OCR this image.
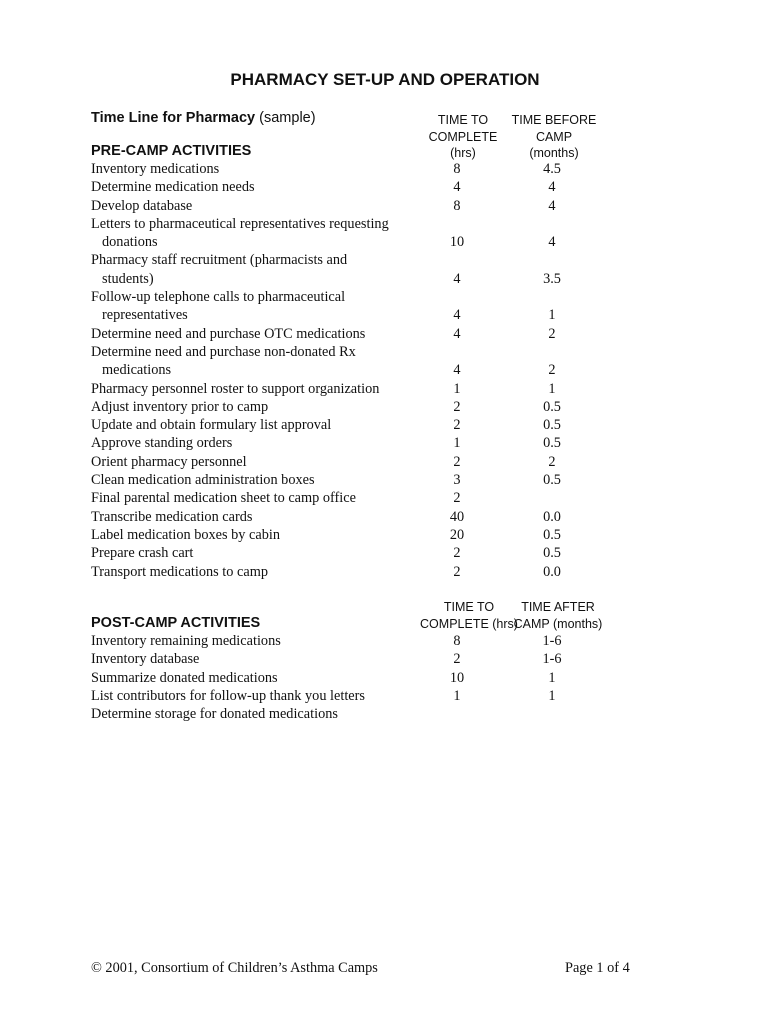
PHARMACY SET-UP AND OPERATION
Time Line for Pharmacy (sample)	TIME TO
COMPLETE
(hrs)
TIME BEFORE
CAMP
(months)
PRE-CAMP ACTIVITIES
Inventory medications	8	4.5
Determine medication needs	4	4
Develop database	8	4
Letters to pharmaceutical representatives requesting
donations	10	4
Pharmacy staff recruitment (pharmacists and
students)	4	3.5
Follow-up telephone calls to pharmaceutical
representatives	4	1
Determine need and purchase OTC medications	4	2
Determine need and purchase non-donated Rx
medications	4	2
Pharmacy personnel roster to support organization	1	1
Adjust inventory prior to camp	2	0.5
Update and obtain formulary list approval	2	0.5
Approve standing orders	1	0.5
Orient pharmacy personnel	2	2
Clean medication administration boxes	3	0.5
Final parental medication sheet to camp office	2
Transcribe medication cards	40	0.0
Label medication boxes by cabin	20	0.5
Prepare crash cart	2	0.5
Transport medications to camp	2	0.0
TIME TO
COMPLETE (hrs)
TIME AFTER
CAMP (months)
POST-CAMP ACTIVITIES
Inventory remaining medications	8	1-6
Inventory database	2	1-6
Summarize donated medications	10	1
List contributors for follow-up thank you letters	1	1
Determine storage for donated medications
© 2001, Consortium of Children’s Asthma Camps	Page 1 of 4
